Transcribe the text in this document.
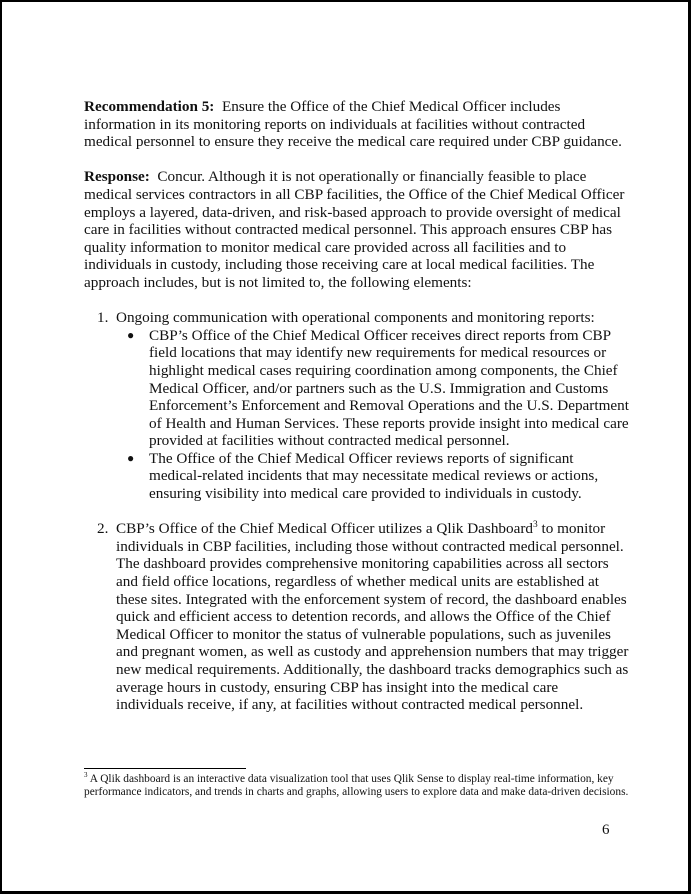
Recommendation 5: Ensure the Office of the Chief Medical Officer includes information in its monitoring reports on individuals at facilities without contracted medical personnel to ensure they receive the medical care required under CBP guidance.

Response: Concur. Although it is not operationally or financially feasible to place medical services contractors in all CBP facilities, the Office of the Chief Medical Officer employs a layered, data-driven, and risk-based approach to provide oversight of medical care in facilities without contracted medical personnel. This approach ensures CBP has quality information to monitor medical care provided across all facilities and to individuals in custody, including those receiving care at local medical facilities. The approach includes, but is not limited to, the following elements:

1. Ongoing communication with operational components and monitoring reports:
● CBP’s Office of the Chief Medical Officer receives direct reports from CBP field locations that may identify new requirements for medical resources or highlight medical cases requiring coordination among components, the Chief Medical Officer, and/or partners such as the U.S. Immigration and Customs Enforcement’s Enforcement and Removal Operations and the U.S. Department of Health and Human Services. These reports provide insight into medical care provided at facilities without contracted medical personnel.
● The Office of the Chief Medical Officer reviews reports of significant medical-related incidents that may necessitate medical reviews or actions, ensuring visibility into medical care provided to individuals in custody.
2. CBP’s Office of the Chief Medical Officer utilizes a Qlik Dashboard$^3$ to monitor individuals in CBP facilities, including those without contracted medical personnel. The dashboard provides comprehensive monitoring capabilities across all sectors and field office locations, regardless of whether medical units are established at these sites. Integrated with the enforcement system of record, the dashboard enables quick and efficient access to detention records, and allows the Office of the Chief Medical Officer to monitor the status of vulnerable populations, such as juveniles and pregnant women, as well as custody and apprehension numbers that may trigger new medical requirements. Additionally, the dashboard tracks demographics such as average hours in custody, ensuring CBP has insight into the medical care individuals receive, if any, at facilities without contracted medical personnel.
$^3$ A Qlik dashboard is an interactive data visualization tool that uses Qlik Sense to display real-time information, key performance indicators, and trends in charts and graphs, allowing users to explore data and make data-driven decisions.
6
